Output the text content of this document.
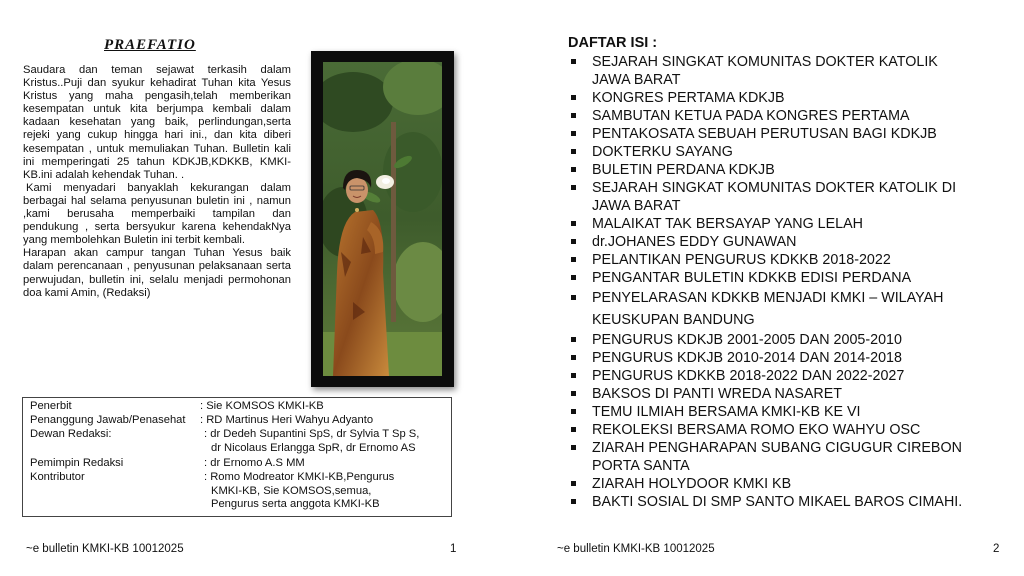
PRAEFATIO

Saudara dan teman sejawat terkasih dalam Kristus..Puji dan syukur kehadirat Tuhan kita Yesus Kristus yang maha pengasih,telah memberikan kesempatan untuk kita berjumpa kembali dalam kadaan kesehatan yang baik, perlindungan,serta rejeki yang cukup hingga hari ini., dan kita diberi kesempatan , untuk memuliakan Tuhan. Bulletin kali ini memperingati 25 tahun KDKJB,KDKKB, KMKI-KB.ini adalah kehendak Tuhan. .

Kami menyadari banyaklah kekurangan dalam berbagai hal selama penyusunan buletin ini , namun ,kami berusaha memperbaiki tampilan dan pendukung , serta bersyukur karena kehendakNya yang membolehkan Buletin ini terbit kembali.

Harapan akan campur tangan Tuhan Yesus baik dalam perencanaan , penyusunan pelaksanaan serta perwujudan, bulletin ini, selalu menjadi permohonan doa kami Amin, (Redaksi)

Penerbit	: Sie KOMSOS KMKI-KB
Penanggung Jawab/Penasehat : RD Martinus Heri Wahyu Adyanto
Dewan Redaksi:	: dr Dedeh Supantini SpS, dr Sylvia T Sp S,
dr Nicolaus Erlangga SpR, dr Ernomo AS
Pemimpin Redaksi	: dr Ernomo A.S MM
Kontributor	: Romo Modreator KMKI-KB,Pengurus
KMKI-KB, Sie KOMSOS,semua,
Pengurus serta anggota KMKI-KB
~e bulletin KMKI-KB 10012025	1
DAFTAR ISI :
SEJARAH SINGKAT KOMUNITAS DOKTER KATOLIK
JAWA BARAT
KONGRES PERTAMA KDKJB
SAMBUTAN KETUA PADA KONGRES PERTAMA
PENTAKOSATA SEBUAH PERUTUSAN BAGI KDKJB
DOKTERKU SAYANG
BULETIN PERDANA KDKJB
SEJARAH SINGKAT KOMUNITAS DOKTER KATOLIK DI
JAWA BARAT
MALAIKAT TAK BERSAYAP YANG LELAH
dr.JOHANES EDDY GUNAWAN
PELANTIKAN PENGURUS KDKKB 2018-2022
PENGANTAR BULETIN KDKKB EDISI PERDANA
PENYELARASAN KDKKB MENJADI KMKI – WILAYAH
KEUSKUPAN BANDUNG
PENGURUS KDKJB 2001-2005 DAN 2005-2010
PENGURUS KDKJB 2010-2014 DAN 2014-2018
PENGURUS KDKKB 2018-2022 DAN 2022-2027
BAKSOS DI PANTI WREDA NASARET
TEMU ILMIAH BERSAMA KMKI-KB KE VI
REKOLEKSI BERSAMA ROMO EKO WAHYU OSC
ZIARAH PENGHARAPAN SUBANG CIGUGUR CIREBON
PORTA SANTA
ZIARAH HOLYDOOR KMKI KB
BAKTI SOSIAL DI SMP SANTO MIKAEL BAROS CIMAHI.
~e bulletin KMKI-KB 10012025	2
